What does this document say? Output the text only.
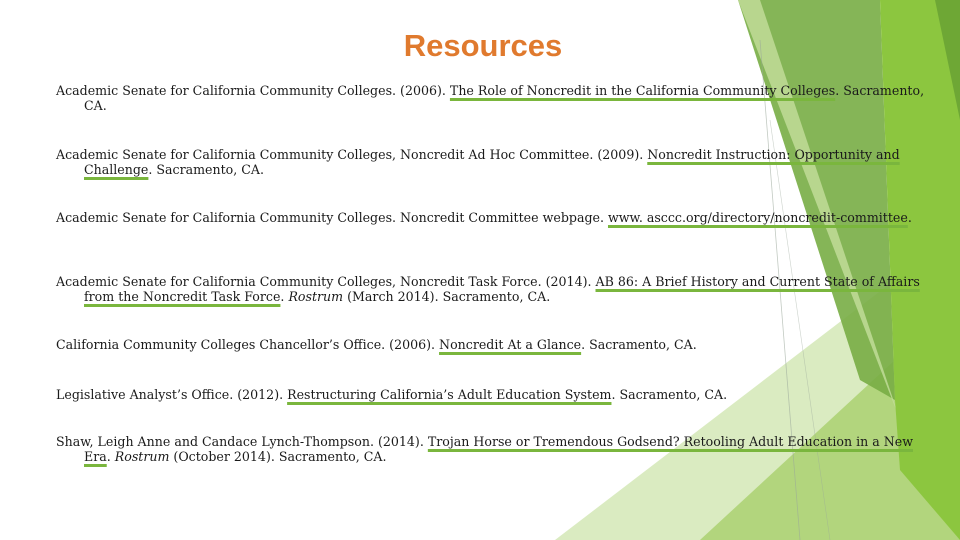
Resources
Academic Senate for California Community Colleges. (2006). The Role of Noncredit in the California Community Colleges. Sacramento, CA.
Academic Senate for California Community Colleges, Noncredit Ad Hoc Committee. (2009). Noncredit Instruction: Opportunity and Challenge. Sacramento, CA.
Academic Senate for California Community Colleges. Noncredit Committee webpage. www. asccc.org/directory/noncredit-committee.
Academic Senate for California Community Colleges, Noncredit Task Force. (2014). AB 86: A Brief History and Current State of Affairs from the Noncredit Task Force. Rostrum (March 2014). Sacramento, CA.
California Community Colleges Chancellor’s Office. (2006). Noncredit At a Glance. Sacramento, CA.
Legislative Analyst’s Office. (2012). Restructuring California’s Adult Education System. Sacramento, CA.
Shaw, Leigh Anne and Candace Lynch-Thompson. (2014). Trojan Horse or Tremendous Godsend? Retooling Adult Education in a New Era. Rostrum (October 2014). Sacramento, CA.
